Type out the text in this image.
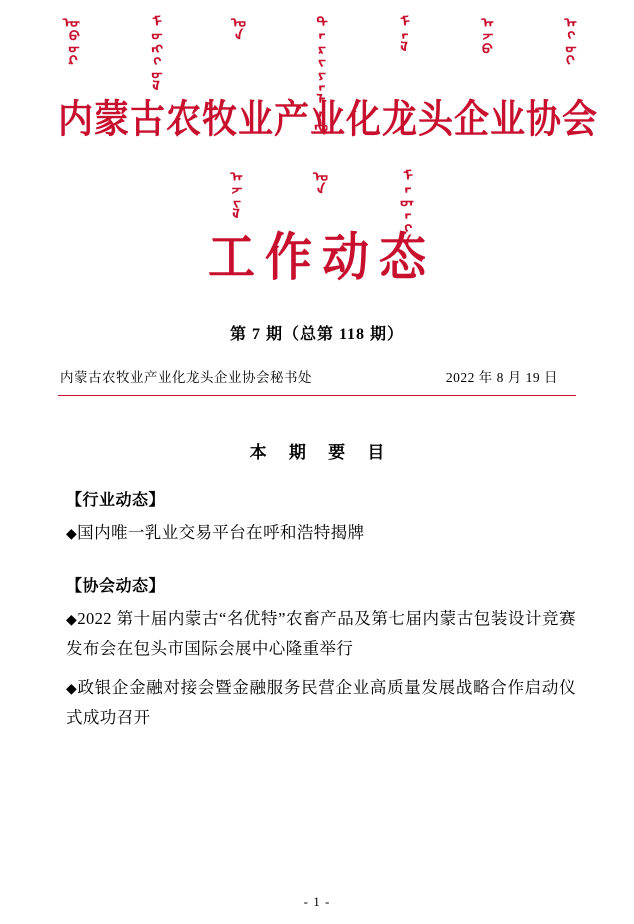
ᠦᠪᠦᠷ	ᠮᠣᠩᠭᠣᠯ	ᠤᠨ	ᠲᠠᠷᠢᠶᠠᠯᠠᠩ	ᠮᠠᠯ	ᠠᠵᠤ	ᠠᠬᠤᠢ
内蒙古农牧业产业化龙头企业协会
ᠠᠵᠢᠯ	ᠤᠨ	ᠮᠡᠳᠡᠭᠡ
工作动态
第 7 期（总第 118 期）
内蒙古农牧业产业化龙头企业协会秘书处	2022 年 8 月 19 日
本 期 要 目
【行业动态】
◆国内唯一乳业交易平台在呼和浩特揭牌
【协会动态】
◆2022 第十届内蒙古“名优特”农畜产品及第七届内蒙古包装设计竞赛发布会在包头市国际会展中心隆重举行
◆政银企金融对接会暨金融服务民营企业高质量发展战略合作启动仪式成功召开
- 1 -
